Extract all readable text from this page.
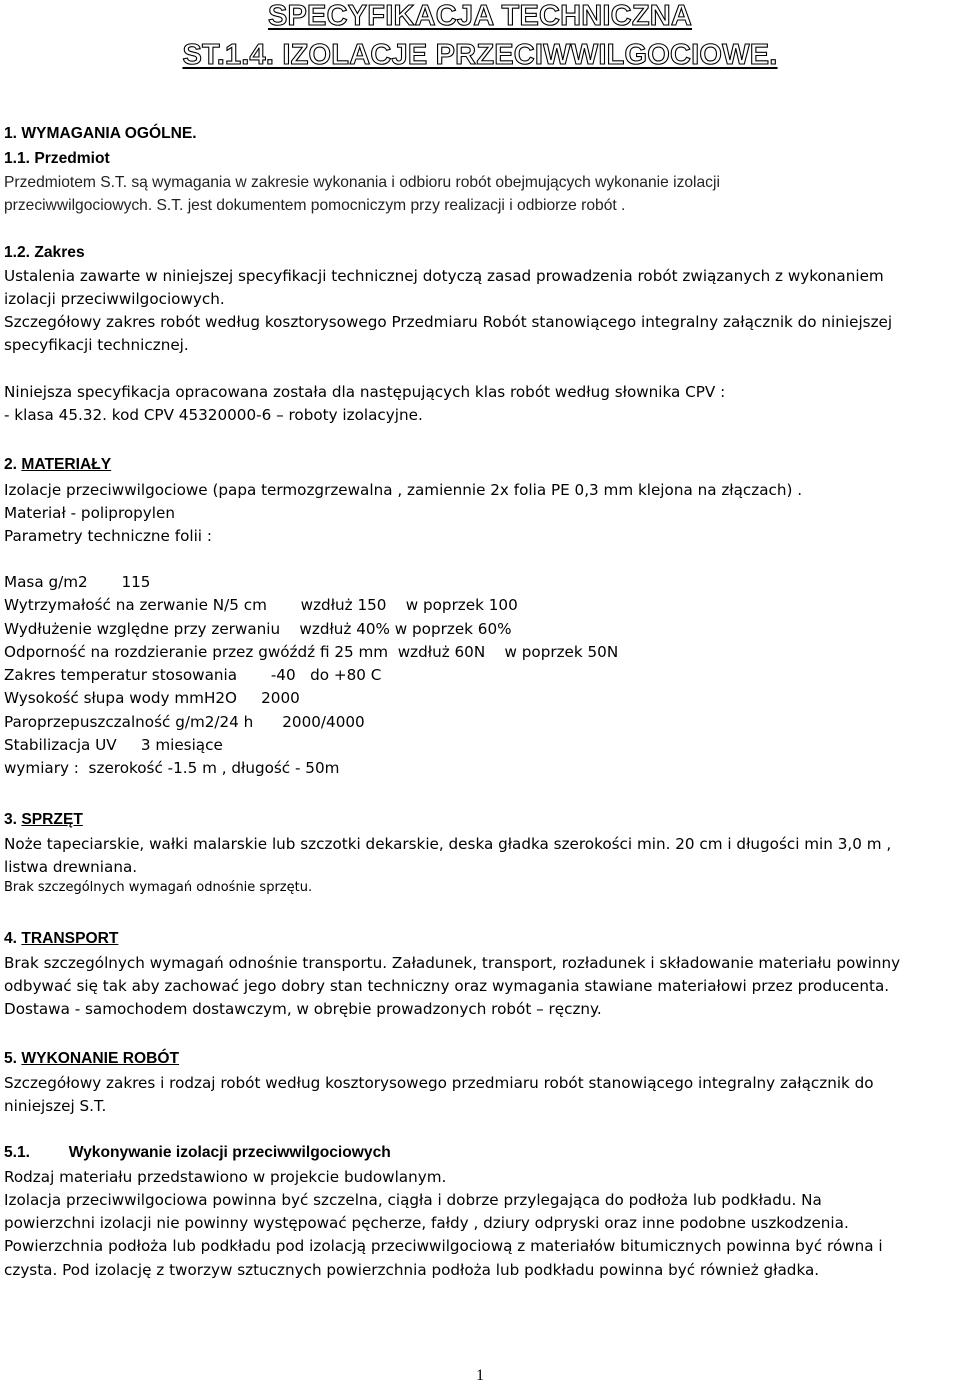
SPECYFIKACJA TECHNICZNA
ST.1.4. IZOLACJE PRZECIWWILGOCIOWE.
1. WYMAGANIA OGÓLNE.
1.1. Przedmiot
Przedmiotem S.T. są wymagania w zakresie wykonania i odbioru robót obejmujących wykonanie izolacji
przeciwwilgociowych. S.T. jest dokumentem pomocniczym przy realizacji i odbiorze robót .
1.2. Zakres
Ustalenia zawarte w niniejszej specyfikacji technicznej dotyczą zasad prowadzenia robót związanych z wykonaniem
izolacji przeciwwilgociowych.
Szczegółowy zakres robót według kosztorysowego Przedmiaru Robót stanowiącego integralny załącznik do niniejszej
specyfikacji technicznej.
Niniejsza specyfikacja opracowana została dla następujących klas robót według słownika CPV :
- klasa 45.32. kod CPV 45320000-6 – roboty izolacyjne.
2. MATERIAŁY
Izolacje przeciwwilgociowe (papa termozgrzewalna , zamiennie 2x folia PE 0,3 mm klejona na złączach) .
Materiał - polipropylen
Parametry techniczne folii :
Masa g/m2       115
Wytrzymałość na zerwanie N/5 cm       wzdłuż 150    w poprzek 100
Wydłużenie względne przy zerwaniu    wzdłuż 40% w poprzek 60%
Odporność na rozdzieranie przez gwóźdź fi 25 mm  wzdłuż 60N    w poprzek 50N
Zakres temperatur stosowania       -40   do +80 C
Wysokość słupa wody mmH2O     2000
Paroprzepuszczalność g/m2/24 h      2000/4000
Stabilizacja UV     3 miesiące
wymiary :  szerokość -1.5 m , długość - 50m
3. SPRZĘT
Noże tapeciarskie, wałki malarskie lub szczotki dekarskie, deska gładka szerokości min. 20 cm i długości min 3,0 m ,
listwa drewniana.
Brak szczególnych wymagań odnośnie sprzętu.
4. TRANSPORT
Brak szczególnych wymagań odnośnie transportu. Załadunek, transport, rozładunek i składowanie materiału powinny
odbywać się tak aby zachować jego dobry stan techniczny oraz wymagania stawiane materiałowi przez producenta.
Dostawa - samochodem dostawczym, w obrębie prowadzonych robót – ręczny.
5. WYKONANIE ROBÓT
Szczegółowy zakres i rodzaj robót według kosztorysowego przedmiaru robót stanowiącego integralny załącznik do
niniejszej S.T.
5.1. Wykonywanie izolacji przeciwwilgociowych
Rodzaj materiału przedstawiono w projekcie budowlanym.
Izolacja przeciwwilgociowa powinna być szczelna, ciągła i dobrze przylegająca do podłoża lub podkładu. Na
powierzchni izolacji nie powinny występować pęcherze, fałdy , dziury odpryski oraz inne podobne uszkodzenia.
Powierzchnia podłoża lub podkładu pod izolacją przeciwwilgociową z materiałów bitumicznych powinna być równa i
czysta. Pod izolację z tworzyw sztucznych powierzchnia podłoża lub podkładu powinna być również gładka.
1
